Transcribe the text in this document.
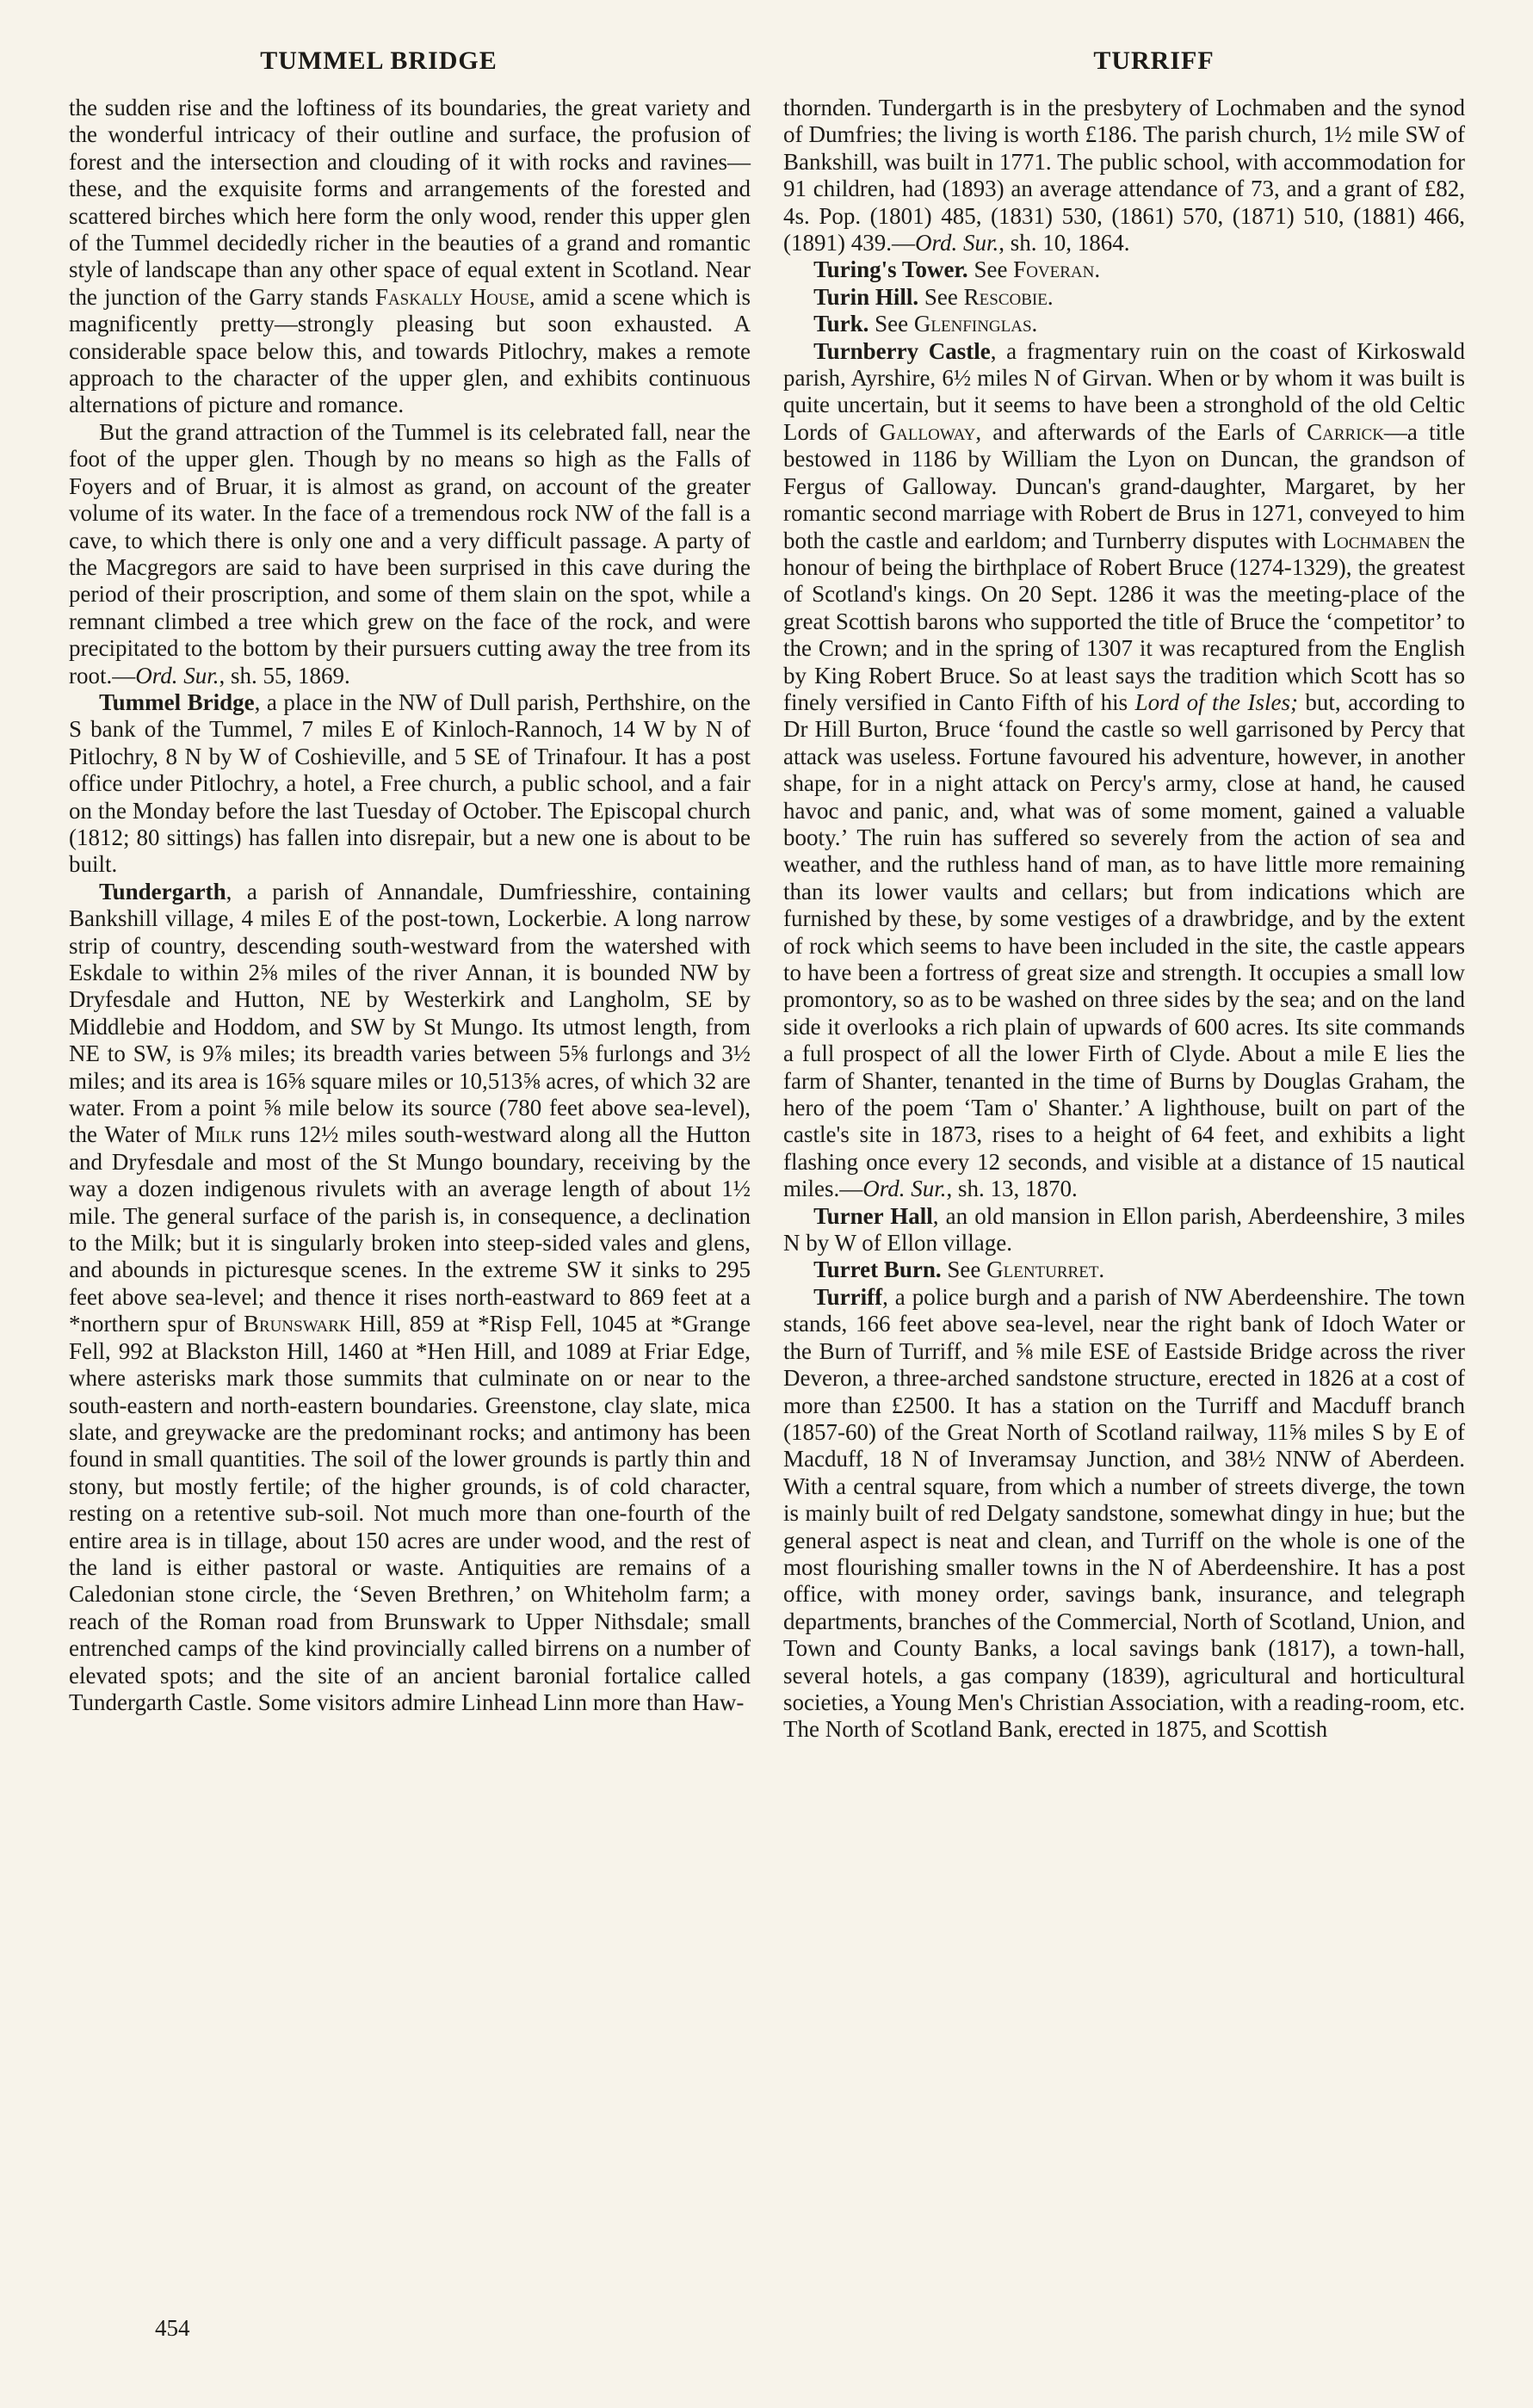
TUMMEL BRIDGE	TURRIFF

the sudden rise and the loftiness of its boundaries, the great variety and the wonderful intricacy of their outline and surface, the profusion of forest and the intersection and clouding of it with rocks and ravines—these, and the exquisite forms and arrangements of the forested and scattered birches which here form the only wood, render this upper glen of the Tummel decidedly richer in the beauties of a grand and romantic style of landscape than any other space of equal extent in Scotland. Near the junction of the Garry stands Faskally House, amid a scene which is magnificently pretty—strongly pleasing but soon exhausted. A considerable space below this, and towards Pitlochry, makes a remote approach to the character of the upper glen, and exhibits continuous alternations of picture and romance.

But the grand attraction of the Tummel is its celebrated fall, near the foot of the upper glen. Though by no means so high as the Falls of Foyers and of Bruar, it is almost as grand, on account of the greater volume of its water. In the face of a tremendous rock NW of the fall is a cave, to which there is only one and a very difficult passage. A party of the Macgregors are said to have been surprised in this cave during the period of their proscription, and some of them slain on the spot, while a remnant climbed a tree which grew on the face of the rock, and were precipitated to the bottom by their pursuers cutting away the tree from its root.—Ord. Sur., sh. 55, 1869.

Tummel Bridge, a place in the NW of Dull parish, Perthshire, on the S bank of the Tummel, 7 miles E of Kinloch-Rannoch, 14 W by N of Pitlochry, 8 N by W of Coshieville, and 5 SE of Trinafour. It has a post office under Pitlochry, a hotel, a Free church, a public school, and a fair on the Monday before the last Tuesday of October. The Episcopal church (1812; 80 sittings) has fallen into disrepair, but a new one is about to be built.

Tundergarth, a parish of Annandale, Dumfriesshire, containing Bankshill village, 4 miles E of the post-town, Lockerbie. A long narrow strip of country, descending south-westward from the watershed with Eskdale to within 2⅝ miles of the river Annan, it is bounded NW by Dryfesdale and Hutton, NE by Westerkirk and Langholm, SE by Middlebie and Hoddom, and SW by St Mungo. Its utmost length, from NE to SW, is 9⅞ miles; its breadth varies between 5⅝ furlongs and 3½ miles; and its area is 16⅝ square miles or 10,513⅝ acres, of which 32 are water. From a point ⅝ mile below its source (780 feet above sea-level), the Water of Milk runs 12½ miles south-westward along all the Hutton and Dryfesdale and most of the St Mungo boundary, receiving by the way a dozen indigenous rivulets with an average length of about 1½ mile. The general surface of the parish is, in consequence, a declination to the Milk; but it is singularly broken into steep-sided vales and glens, and abounds in picturesque scenes. In the extreme SW it sinks to 295 feet above sea-level; and thence it rises north-eastward to 869 feet at a *northern spur of Brunswark Hill, 859 at *Risp Fell, 1045 at *Grange Fell, 992 at Blackston Hill, 1460 at *Hen Hill, and 1089 at Friar Edge, where asterisks mark those summits that culminate on or near to the south-eastern and north-eastern boundaries. Greenstone, clay slate, mica slate, and greywacke are the predominant rocks; and antimony has been found in small quantities. The soil of the lower grounds is partly thin and stony, but mostly fertile; of the higher grounds, is of cold character, resting on a retentive sub-soil. Not much more than one-fourth of the entire area is in tillage, about 150 acres are under wood, and the rest of the land is either pastoral or waste. Antiquities are remains of a Caledonian stone circle, the ‘Seven Brethren,’ on Whiteholm farm; a reach of the Roman road from Brunswark to Upper Nithsdale; small entrenched camps of the kind provincially called birrens on a number of elevated spots; and the site of an ancient baronial fortalice called Tundergarth Castle. Some visitors admire Linhead Linn more than Haw-

thornden. Tundergarth is in the presbytery of Lochmaben and the synod of Dumfries; the living is worth £186. The parish church, 1½ mile SW of Bankshill, was built in 1771. The public school, with accommodation for 91 children, had (1893) an average attendance of 73, and a grant of £82, 4s. Pop. (1801) 485, (1831) 530, (1861) 570, (1871) 510, (1881) 466, (1891) 439.—Ord. Sur., sh. 10, 1864.

Turing's Tower. See Foveran.

Turin Hill. See Rescobie.

Turk. See Glenfinglas.

Turnberry Castle, a fragmentary ruin on the coast of Kirkoswald parish, Ayrshire, 6½ miles N of Girvan. When or by whom it was built is quite uncertain, but it seems to have been a stronghold of the old Celtic Lords of Galloway, and afterwards of the Earls of Carrick—a title bestowed in 1186 by William the Lyon on Duncan, the grandson of Fergus of Galloway. Duncan's grand-daughter, Margaret, by her romantic second marriage with Robert de Brus in 1271, conveyed to him both the castle and earldom; and Turnberry disputes with Lochmaben the honour of being the birthplace of Robert Bruce (1274-1329), the greatest of Scotland's kings. On 20 Sept. 1286 it was the meeting-place of the great Scottish barons who supported the title of Bruce the ‘competitor’ to the Crown; and in the spring of 1307 it was recaptured from the English by King Robert Bruce. So at least says the tradition which Scott has so finely versified in Canto Fifth of his Lord of the Isles; but, according to Dr Hill Burton, Bruce ‘found the castle so well garrisoned by Percy that attack was useless. Fortune favoured his adventure, however, in another shape, for in a night attack on Percy's army, close at hand, he caused havoc and panic, and, what was of some moment, gained a valuable booty.’ The ruin has suffered so severely from the action of sea and weather, and the ruthless hand of man, as to have little more remaining than its lower vaults and cellars; but from indications which are furnished by these, by some vestiges of a drawbridge, and by the extent of rock which seems to have been included in the site, the castle appears to have been a fortress of great size and strength. It occupies a small low promontory, so as to be washed on three sides by the sea; and on the land side it overlooks a rich plain of upwards of 600 acres. Its site commands a full prospect of all the lower Firth of Clyde. About a mile E lies the farm of Shanter, tenanted in the time of Burns by Douglas Graham, the hero of the poem ‘Tam o' Shanter.’ A lighthouse, built on part of the castle's site in 1873, rises to a height of 64 feet, and exhibits a light flashing once every 12 seconds, and visible at a distance of 15 nautical miles.—Ord. Sur., sh. 13, 1870.

Turner Hall, an old mansion in Ellon parish, Aberdeenshire, 3 miles N by W of Ellon village.

Turret Burn. See Glenturret.

Turriff, a police burgh and a parish of NW Aberdeenshire. The town stands, 166 feet above sea-level, near the right bank of Idoch Water or the Burn of Turriff, and ⅝ mile ESE of Eastside Bridge across the river Deveron, a three-arched sandstone structure, erected in 1826 at a cost of more than £2500. It has a station on the Turriff and Macduff branch (1857-60) of the Great North of Scotland railway, 11⅝ miles S by E of Macduff, 18 N of Inveramsay Junction, and 38½ NNW of Aberdeen. With a central square, from which a number of streets diverge, the town is mainly built of red Delgaty sandstone, somewhat dingy in hue; but the general aspect is neat and clean, and Turriff on the whole is one of the most flourishing smaller towns in the N of Aberdeenshire. It has a post office, with money order, savings bank, insurance, and telegraph departments, branches of the Commercial, North of Scotland, Union, and Town and County Banks, a local savings bank (1817), a town-hall, several hotels, a gas company (1839), agricultural and horticultural societies, a Young Men's Christian Association, with a reading-room, etc. The North of Scotland Bank, erected in 1875, and Scottish

454
